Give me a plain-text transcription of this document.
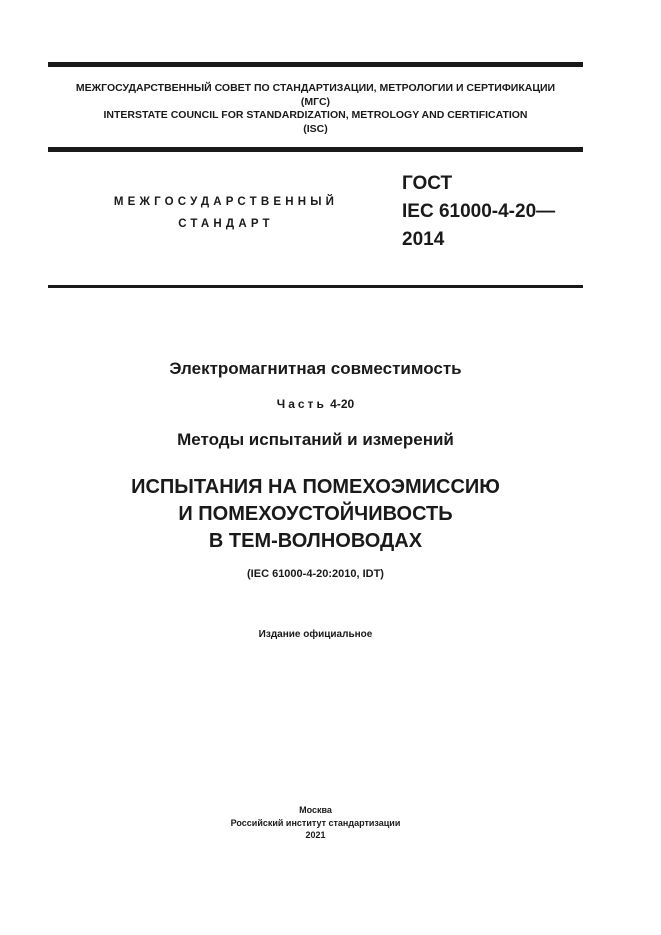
МЕЖГОСУДАРСТВЕННЫЙ СОВЕТ ПО СТАНДАРТИЗАЦИИ, МЕТРОЛОГИИ И СЕРТИФИКАЦИИ
(МГС)
INTERSTATE COUNCIL FOR STANDARDIZATION, METROLOGY AND CERTIFICATION
(ISC)
МЕЖГОСУДАРСТВЕННЫЙ
СТАНДАРТ
ГОСТ
IEC 61000-4-20—
2014
Электромагнитная совместимость
Часть 4-20
Методы испытаний и измерений
ИСПЫТАНИЯ НА ПОМЕХОЭМИССИЮ
И ПОМЕХОУСТОЙЧИВОСТЬ
В ТЕМ-ВОЛНОВОДАХ
(IEC 61000-4-20:2010, IDT)
Издание официальное
Москва
Российский институт стандартизации
2021
